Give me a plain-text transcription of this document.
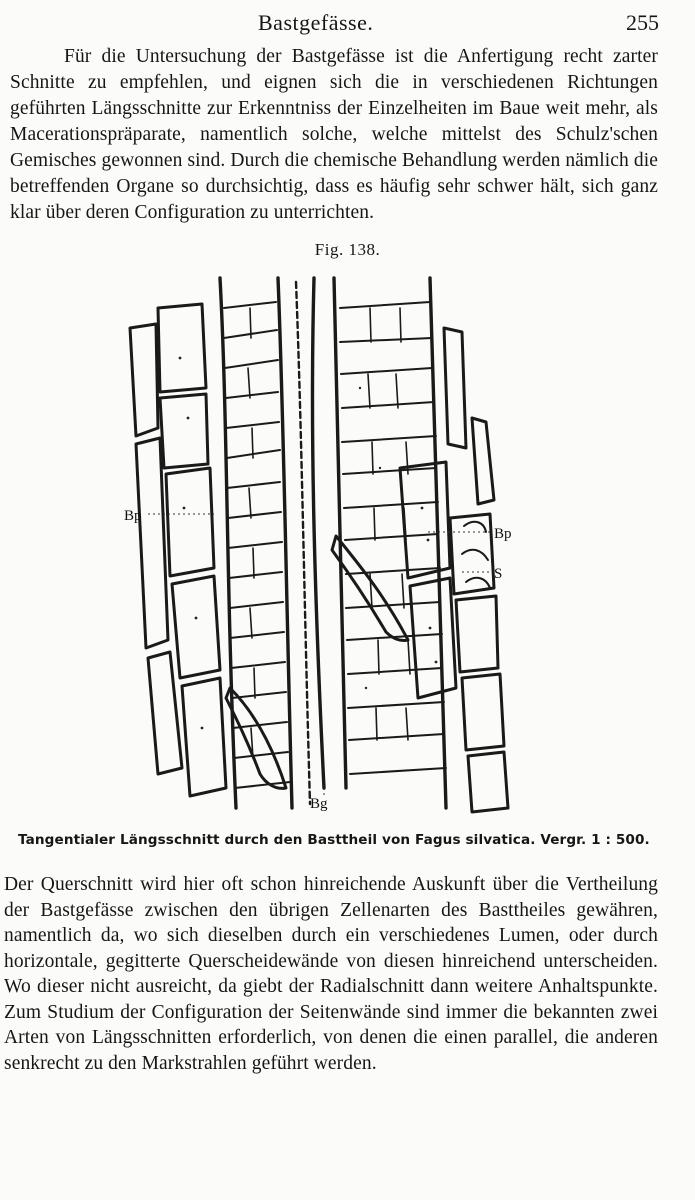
Bastgefässe.	255

Für die Untersuchung der Bastgefässe ist die Anfertigung recht zarter Schnitte zu empfehlen, und eignen sich die in verschiedenen Richtungen geführten Längsschnitte zur Erkenntniss der Einzelheiten im Baue weit mehr, als Macerationspräparate, namentlich solche, welche mittelst des Schulz'schen Gemisches gewonnen sind. Durch die chemische Behandlung werden nämlich die betreffenden Organe so durchsichtig, dass es häufig sehr schwer hält, sich ganz klar über deren Configuration zu unterrichten.

Fig. 138.
Bp
Bp
S
Bg
Tangentialer Längsschnitt durch den Basttheil von Fagus silvatica. Vergr. 1 : 500.

Der Querschnitt wird hier oft schon hinreichende Auskunft über die Vertheilung der Bastgefässe zwischen den übrigen Zellenarten des Basttheiles gewähren, namentlich da, wo sich dieselben durch ein verschiedenes Lumen, oder durch horizontale, gegitterte Querscheidewände von diesen hinreichend unterscheiden. Wo dieser nicht ausreicht, da giebt der Radialschnitt dann weitere Anhaltspunkte. Zum Studium der Configuration der Seitenwände sind immer die bekannten zwei Arten von Längsschnitten erforderlich, von denen die einen parallel, die anderen senkrecht zu den Markstrahlen geführt werden.
